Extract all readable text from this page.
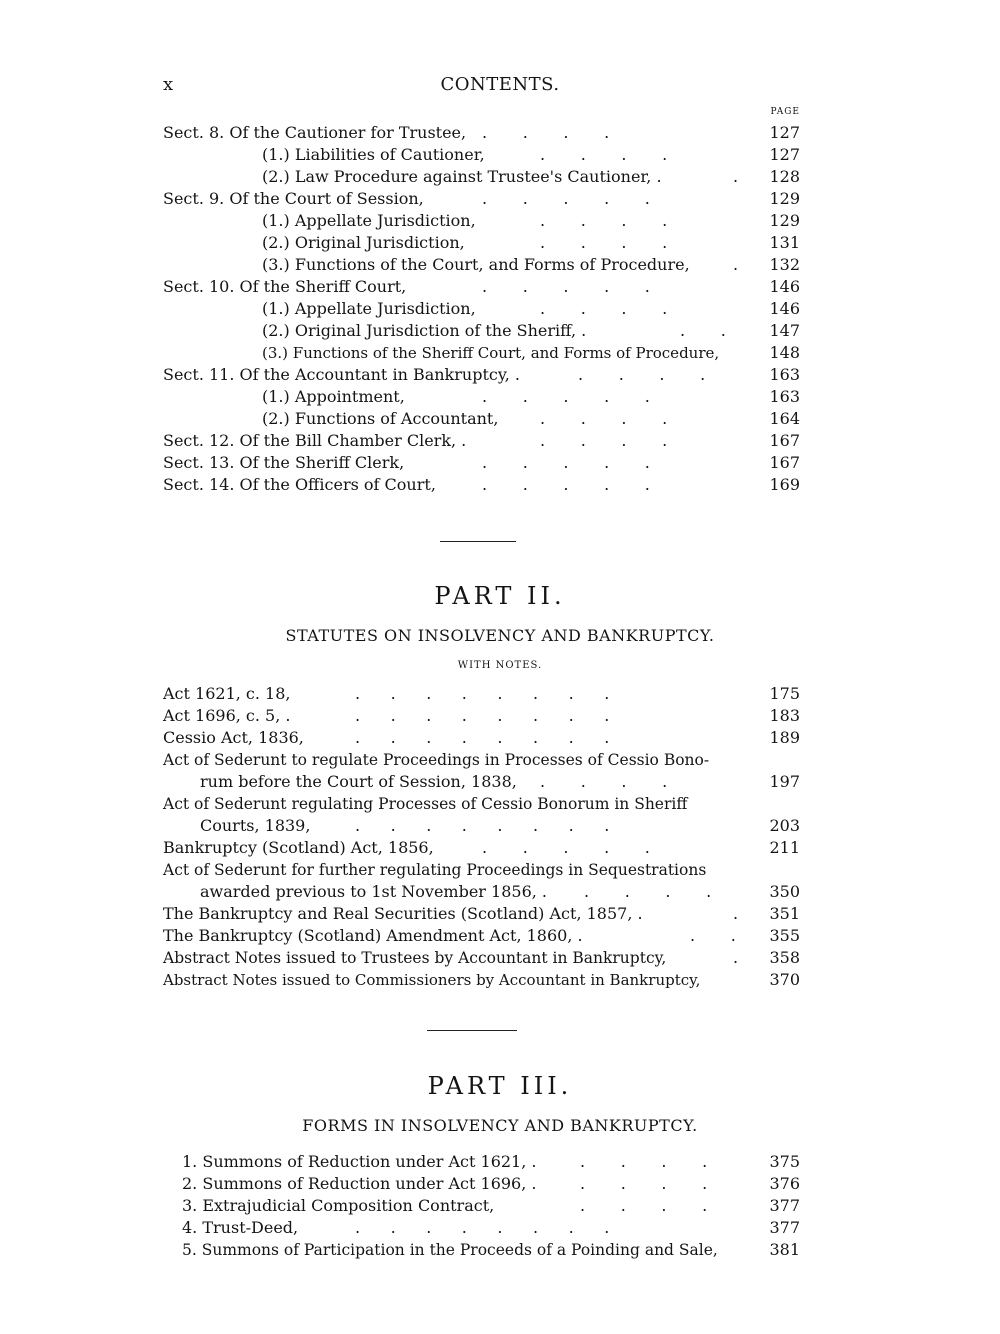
x	CONTENTS.
PAGE
Sect. 8. Of the Cautioner for Trustee, .       .       .       .	127
(1.) Liabilities of Cautioner,	.       .       .       .	127
(2.) Law Procedure against Trustee's Cautioner, .	. 128
Sect. 9. Of the Court of Session,	.       .       .       .       .	129
(1.) Appellate Jurisdiction,	.       .       .       .	129
(2.) Original Jurisdiction,	.       .       .       .	131
(3.) Functions of the Court, and Forms of Procedure,	. 132
Sect. 10. Of the Sheriff Court,	.       .       .       .       .	146
(1.) Appellate Jurisdiction,	.       .       .       .	146
(2.) Original Jurisdiction of the Sheriff, .	.       .	147
(3.) Functions of the Sheriff Court, and Forms of Procedure,	148
Sect. 11. Of the Accountant in Bankruptcy, .	.       .       .       .	163
(1.) Appointment,	.       .       .       .       .	163
(2.) Functions of Accountant,	.       .       .       .	164
Sect. 12. Of the Bill Chamber Clerk, .	.       .       .       .	167
Sect. 13. Of the Sheriff Clerk,	.       .       .       .       .	167
Sect. 14. Of the Officers of Court,	.       .       .       .       .	169
PART II.
STATUTES ON INSOLVENCY AND BANKRUPTCY.
WITH NOTES.
Act 1621, c. 18,	.      .      .      .      .      .      .      .	175
Act 1696, c. 5, .	.      .      .      .      .      .      .      .	183
Cessio Act, 1836,	.      .      .      .      .      .      .      .	189
Act of Sederunt to regulate Proceedings in Processes of Cessio Bono-
rum before the Court of Session, 1838, .       .       .       .	197
Act of Sederunt regulating Processes of Cessio Bonorum in Sheriff
Courts, 1839,	.      .      .      .      .      .      .      .	203
Bankruptcy (Scotland) Act, 1856,	.       .       .       .       .	211
Act of Sederunt for further regulating Proceedings in Sequestrations
awarded previous to 1st November 1856, . .       .       .       .	350
The Bankruptcy and Real Securities (Scotland) Act, 1857, .	. 351
The Bankruptcy (Scotland) Amendment Act, 1860, .	.       . 355
Abstract Notes issued to Trustees by Accountant in Bankruptcy,	. 358
Abstract Notes issued to Commissioners by Accountant in Bankruptcy,	370
PART III.
FORMS IN INSOLVENCY AND BANKRUPTCY.
1. Summons of Reduction under Act 1621, .	.       .       .       .	375
2. Summons of Reduction under Act 1696, .	.       .       .       .	376
3. Extrajudicial Composition Contract,	.       .       .       .	377
4. Trust-Deed,	.      .      .      .      .      .      .      .	377
5. Summons of Participation in the Proceeds of a Poinding and Sale,	381
